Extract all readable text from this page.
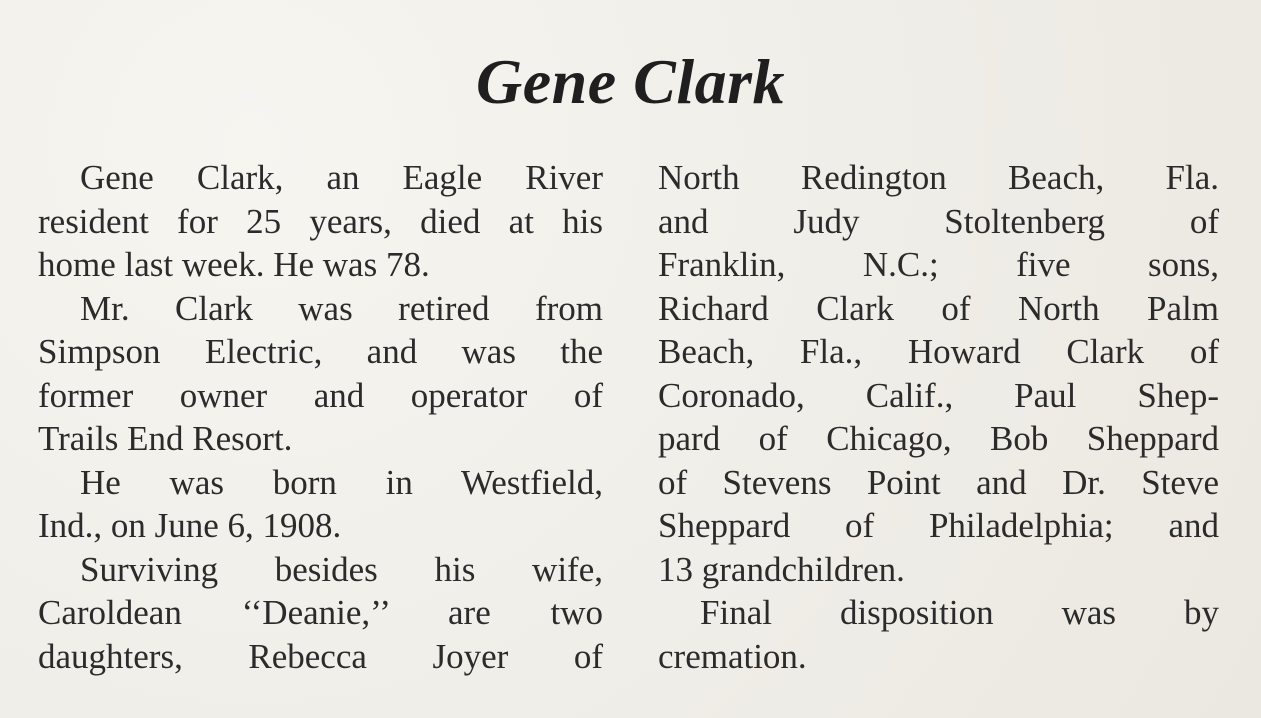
Gene Clark
Gene Clark, an Eagle River
resident for 25 years, died at his
home last week. He was 78.
Mr. Clark was retired from
Simpson Electric, and was the
former owner and operator of
Trails End Resort.
He was born in Westfield,
Ind., on June 6, 1908.
Surviving besides his wife,
Caroldean ‘‘Deanie,’’ are two
daughters, Rebecca Joyer of
North Redington Beach, Fla.
and Judy Stoltenberg of
Franklin, N.C.; five sons,
Richard Clark of North Palm
Beach, Fla., Howard Clark of
Coronado, Calif., Paul Shep-
pard of Chicago, Bob Sheppard
of Stevens Point and Dr. Steve
Sheppard of Philadelphia; and
13 grandchildren.
Final disposition was by
cremation.
